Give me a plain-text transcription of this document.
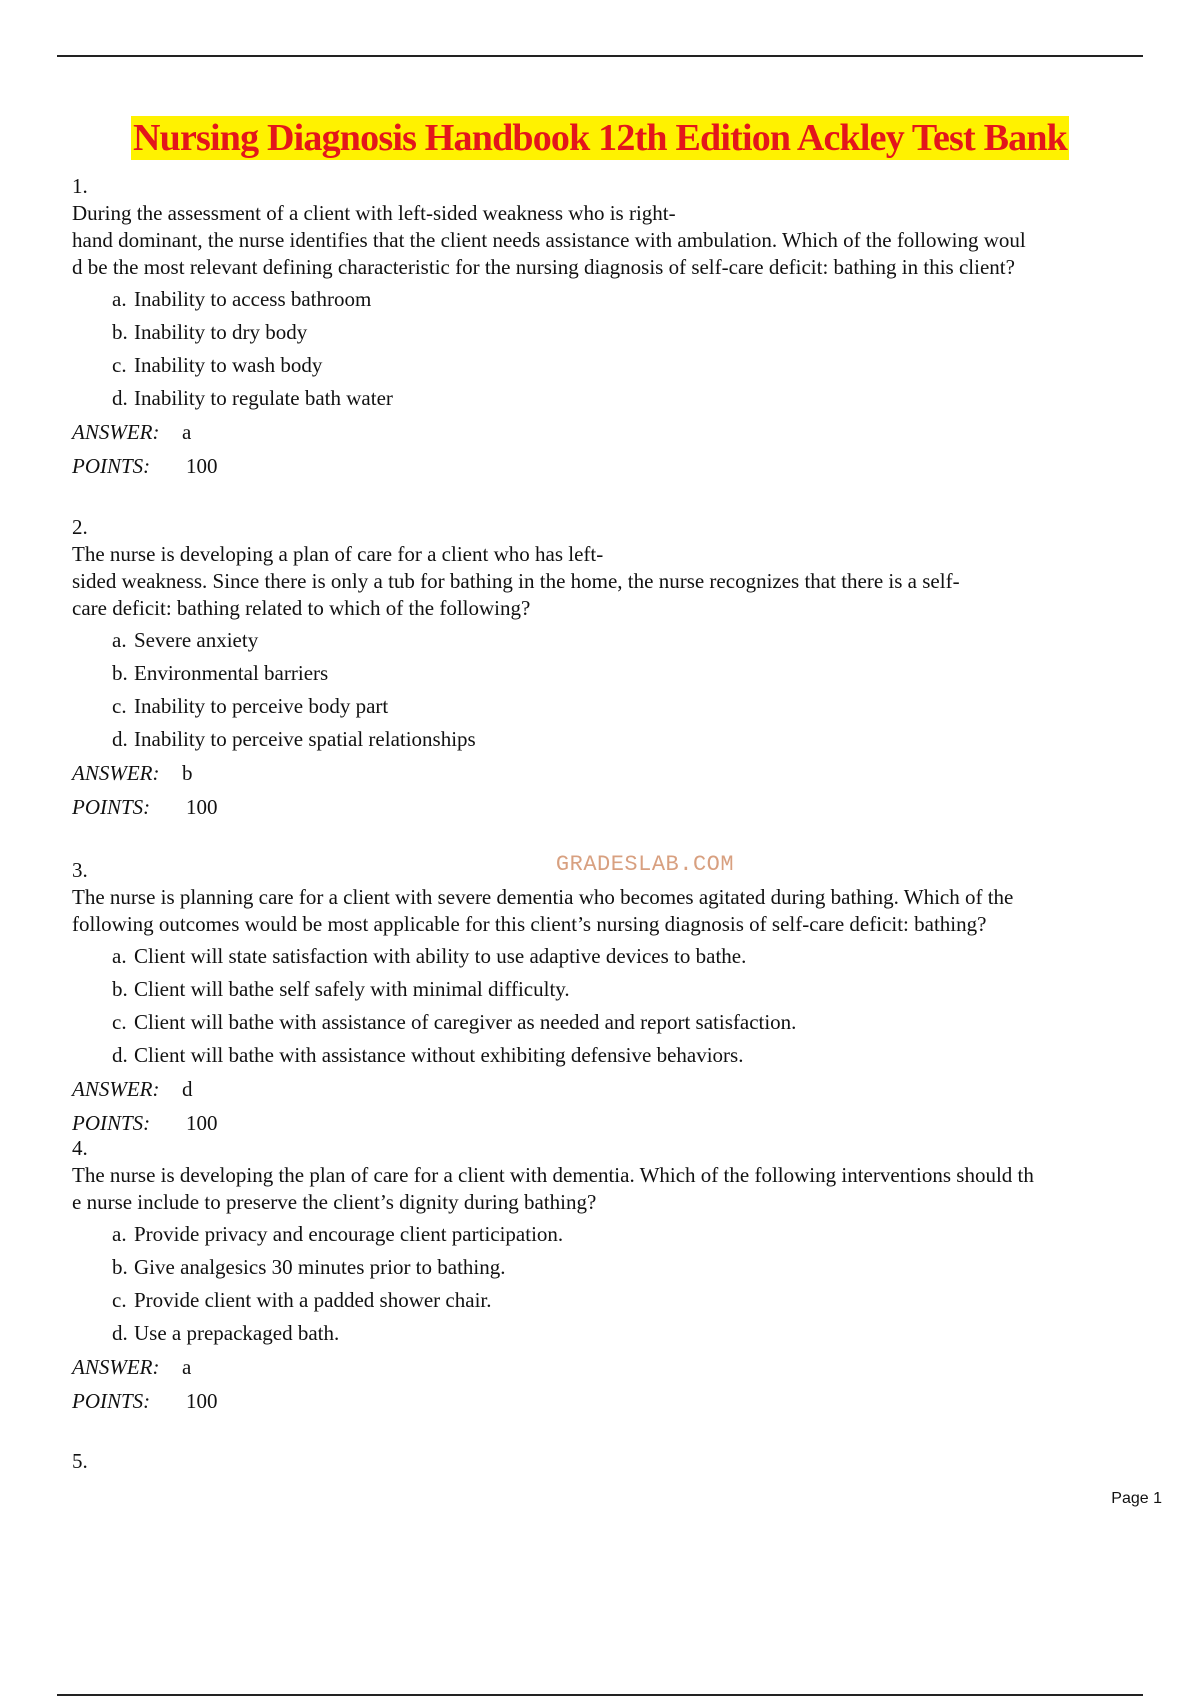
Nursing Diagnosis Handbook 12th Edition Ackley Test Bank
1.
During the assessment of a client with left-sided weakness who is right-
hand dominant, the nurse identifies that the client needs assistance with ambulation. Which of the following woul
d be the most relevant defining characteristic for the nursing diagnosis of self-care deficit: bathing in this client?
a. Inability to access bathroom
b. Inability to dry body
c. Inability to wash body
d. Inability to regulate bath water
ANSWER: a
POINTS: 100
2.
The nurse is developing a plan of care for a client who has left-
sided weakness. Since there is only a tub for bathing in the home, the nurse recognizes that there is a self-
care deficit: bathing related to which of the following?
a. Severe anxiety
b. Environmental barriers
c. Inability to perceive body part
d. Inability to perceive spatial relationships
ANSWER: b
POINTS: 100
3.
The nurse is planning care for a client with severe dementia who becomes agitated during bathing. Which of the
following outcomes would be most applicable for this client’s nursing diagnosis of self-care deficit: bathing?
a. Client will state satisfaction with ability to use adaptive devices to bathe.
b. Client will bathe self safely with minimal difficulty.
c. Client will bathe with assistance of caregiver as needed and report satisfaction.
d. Client will bathe with assistance without exhibiting defensive behaviors.
ANSWER: d
POINTS: 100
4.
The nurse is developing the plan of care for a client with dementia. Which of the following interventions should th
e nurse include to preserve the client’s dignity during bathing?
a. Provide privacy and encourage client participation.
b. Give analgesics 30 minutes prior to bathing.
c. Provide client with a padded shower chair.
d. Use a prepackaged bath.
ANSWER: a
POINTS: 100
5.
GRADESLAB.COM
Page 1
